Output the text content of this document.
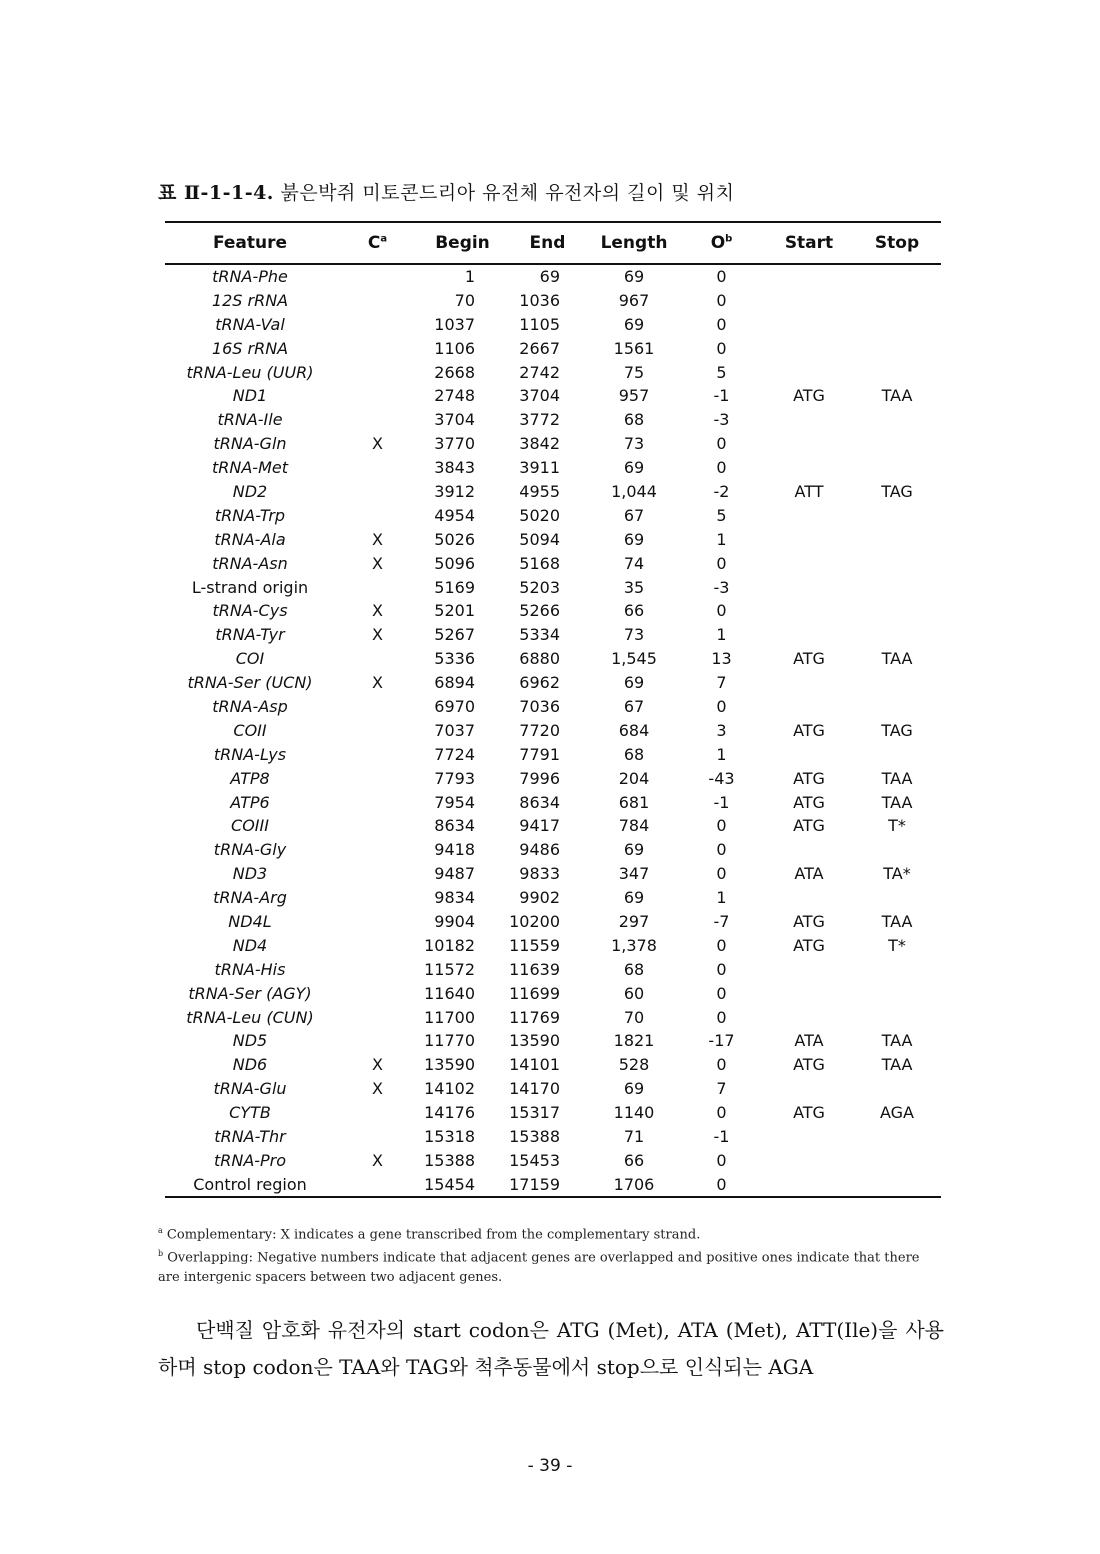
표 Ⅱ-1-1-4. 붉은박쥐 미토콘드리아 유전체 유전자의 길이 및 위치
Feature	$C^a$	Begin	End	Length	$O^b$	Start	Stop
tRNA-Phe		1	69	69	0		
12S rRNA		70	1036	967	0		
tRNA-Val		1037	1105	69	0		
16S rRNA		1106	2667	1561	0		
tRNA-Leu (UUR)		2668	2742	75	5		
ND1		2748	3704	957	-1	ATG	TAA
tRNA-Ile		3704	3772	68	-3		
tRNA-Gln	X	3770	3842	73	0		
tRNA-Met		3843	3911	69	0		
ND2		3912	4955	1,044	-2	ATT	TAG
tRNA-Trp		4954	5020	67	5		
tRNA-Ala	X	5026	5094	69	1		
tRNA-Asn	X	5096	5168	74	0		
L-strand origin		5169	5203	35	-3		
tRNA-Cys	X	5201	5266	66	0		
tRNA-Tyr	X	5267	5334	73	1		
COI		5336	6880	1,545	13	ATG	TAA
tRNA-Ser (UCN)	X	6894	6962	69	7		
tRNA-Asp		6970	7036	67	0		
COII		7037	7720	684	3	ATG	TAG
tRNA-Lys		7724	7791	68	1		
ATP8		7793	7996	204	-43	ATG	TAA
ATP6		7954	8634	681	-1	ATG	TAA
COIII		8634	9417	784	0	ATG	T*
tRNA-Gly		9418	9486	69	0		
ND3		9487	9833	347	0	ATA	TA*
tRNA-Arg		9834	9902	69	1		
ND4L		9904	10200	297	-7	ATG	TAA
ND4		10182	11559	1,378	0	ATG	T*
tRNA-His		11572	11639	68	0		
tRNA-Ser (AGY)		11640	11699	60	0		
tRNA-Leu (CUN)		11700	11769	70	0		
ND5		11770	13590	1821	-17	ATA	TAA
ND6	X	13590	14101	528	0	ATG	TAA
tRNA-Glu	X	14102	14170	69	7		
CYTB		14176	15317	1140	0	ATG	AGA
tRNA-Thr		15318	15388	71	-1		
tRNA-Pro	X	15388	15453	66	0		
Control region		15454	17159	1706	0		
$^a$ Complementary: X indicates a gene transcribed from the complementary strand.
$^b$ Overlapping: Negative numbers indicate that adjacent genes are overlapped and positive ones indicate that there are intergenic spacers between two adjacent genes.
단백질 암호화 유전자의 start codon은 ATG (Met), ATA (Met), ATT(Ile)을 사용하며 stop codon은 TAA와 TAG와 척추동물에서 stop으로 인식되는 AGA
- 39 -
